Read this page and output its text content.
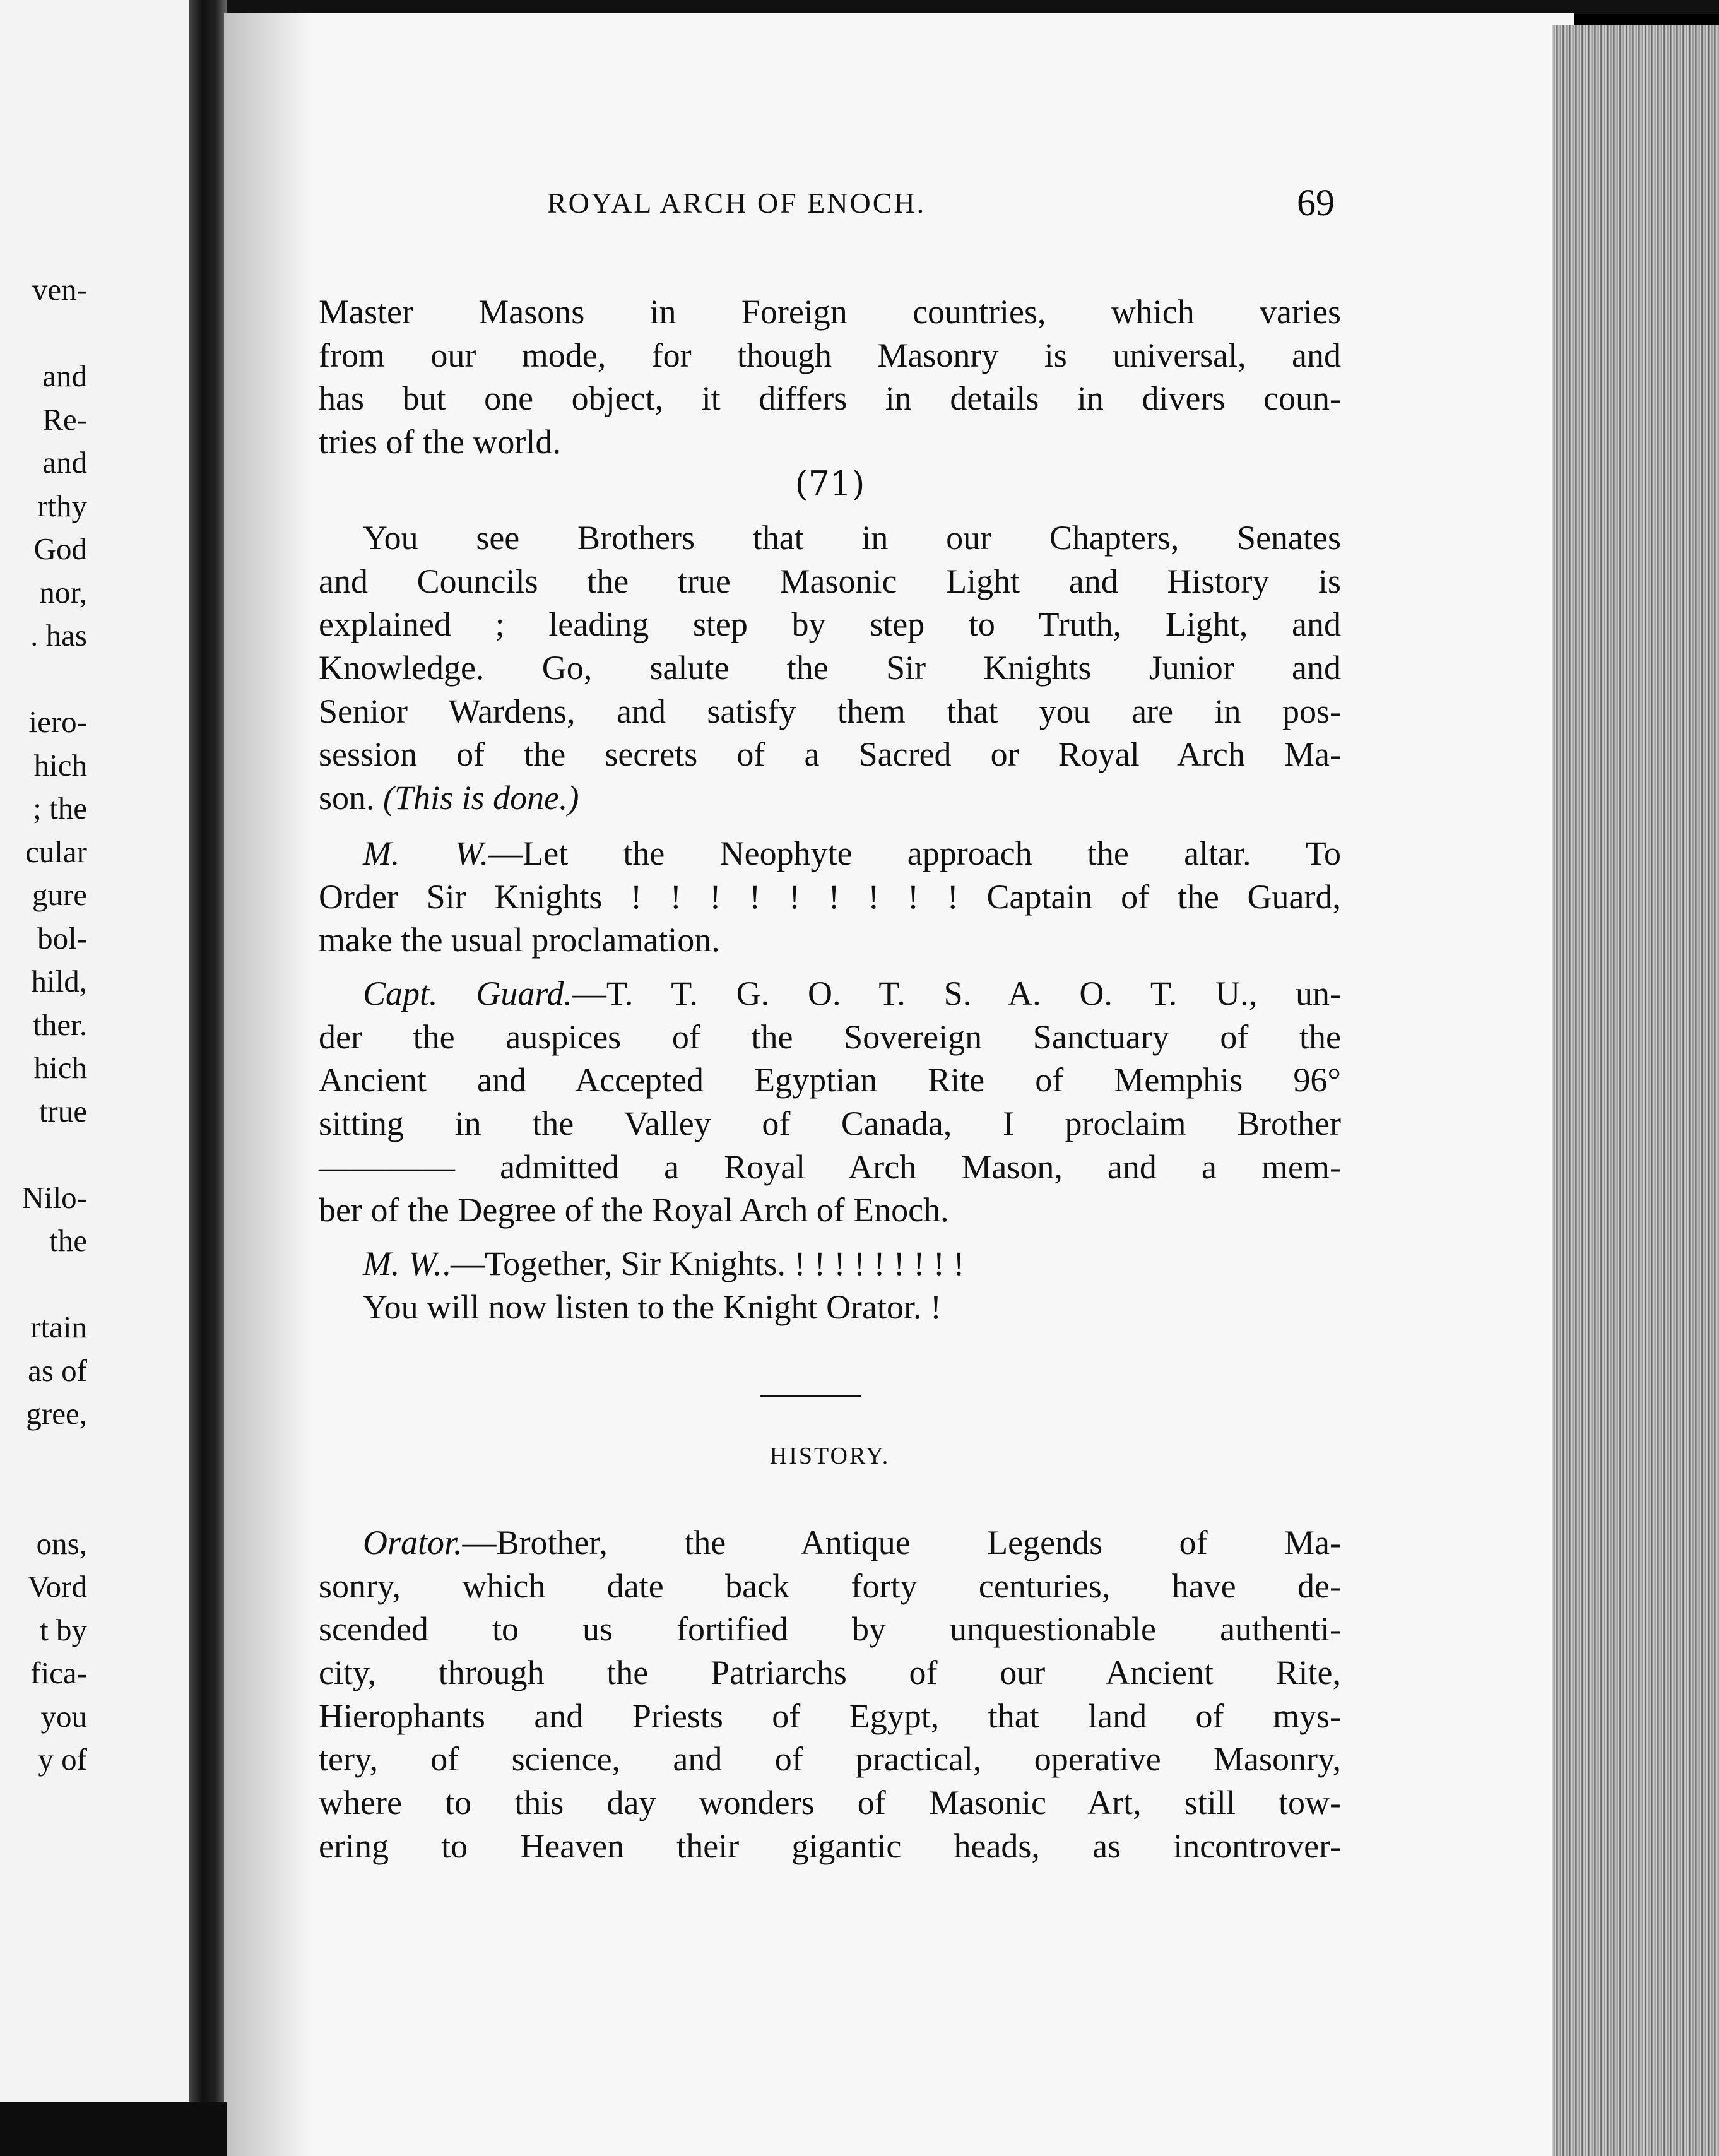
ven-
and
Re-
and
rthy
God
nor,
. has
iero-
hich
; the
cular
gure
bol-
hild,
ther.
hich
true
Nilo-
the
rtain
as of
gree,
ons,
Vord
t by
fica-
you
y of
ROYAL ARCH OF ENOCH.	69
Master Masons in Foreign countries, which varies
from our mode, for though Masonry is universal, and
has but one object, it differs in details in divers coun-
tries of the world.
(71)
You see Brothers that in our Chapters, Senates
and Councils the true Masonic Light and History is
explained ; leading step by step to Truth, Light, and
Knowledge. Go, salute the Sir Knights Junior and
Senior Wardens, and satisfy them that you are in pos-
session of the secrets of a Sacred or Royal Arch Ma-
son. (This is done.)
M. W.—Let the Neophyte approach the altar. To
Order Sir Knights ! ! ! ! ! ! ! ! ! Captain of the Guard,
make the usual proclamation.
Capt. Guard.—T. T. G. O. T. S. A. O. T. U., un-
der the auspices of the Sovereign Sanctuary of the
Ancient and Accepted Egyptian Rite of Memphis 96°
sitting in the Valley of Canada, I proclaim Brother
———— admitted a Royal Arch Mason, and a mem-
ber of the Degree of the Royal Arch of Enoch.
M. W..—Together, Sir Knights. ! ! ! ! ! ! ! ! !
You will now listen to the Knight Orator. !
HISTORY.
Orator.—Brother, the Antique Legends of Ma-
sonry, which date back forty centuries, have de-
scended to us fortified by unquestionable authenti-
city, through the Patriarchs of our Ancient Rite,
Hierophants and Priests of Egypt, that land of mys-
tery, of science, and of practical, operative Masonry,
where to this day wonders of Masonic Art, still tow-
ering to Heaven their gigantic heads, as incontrover-
